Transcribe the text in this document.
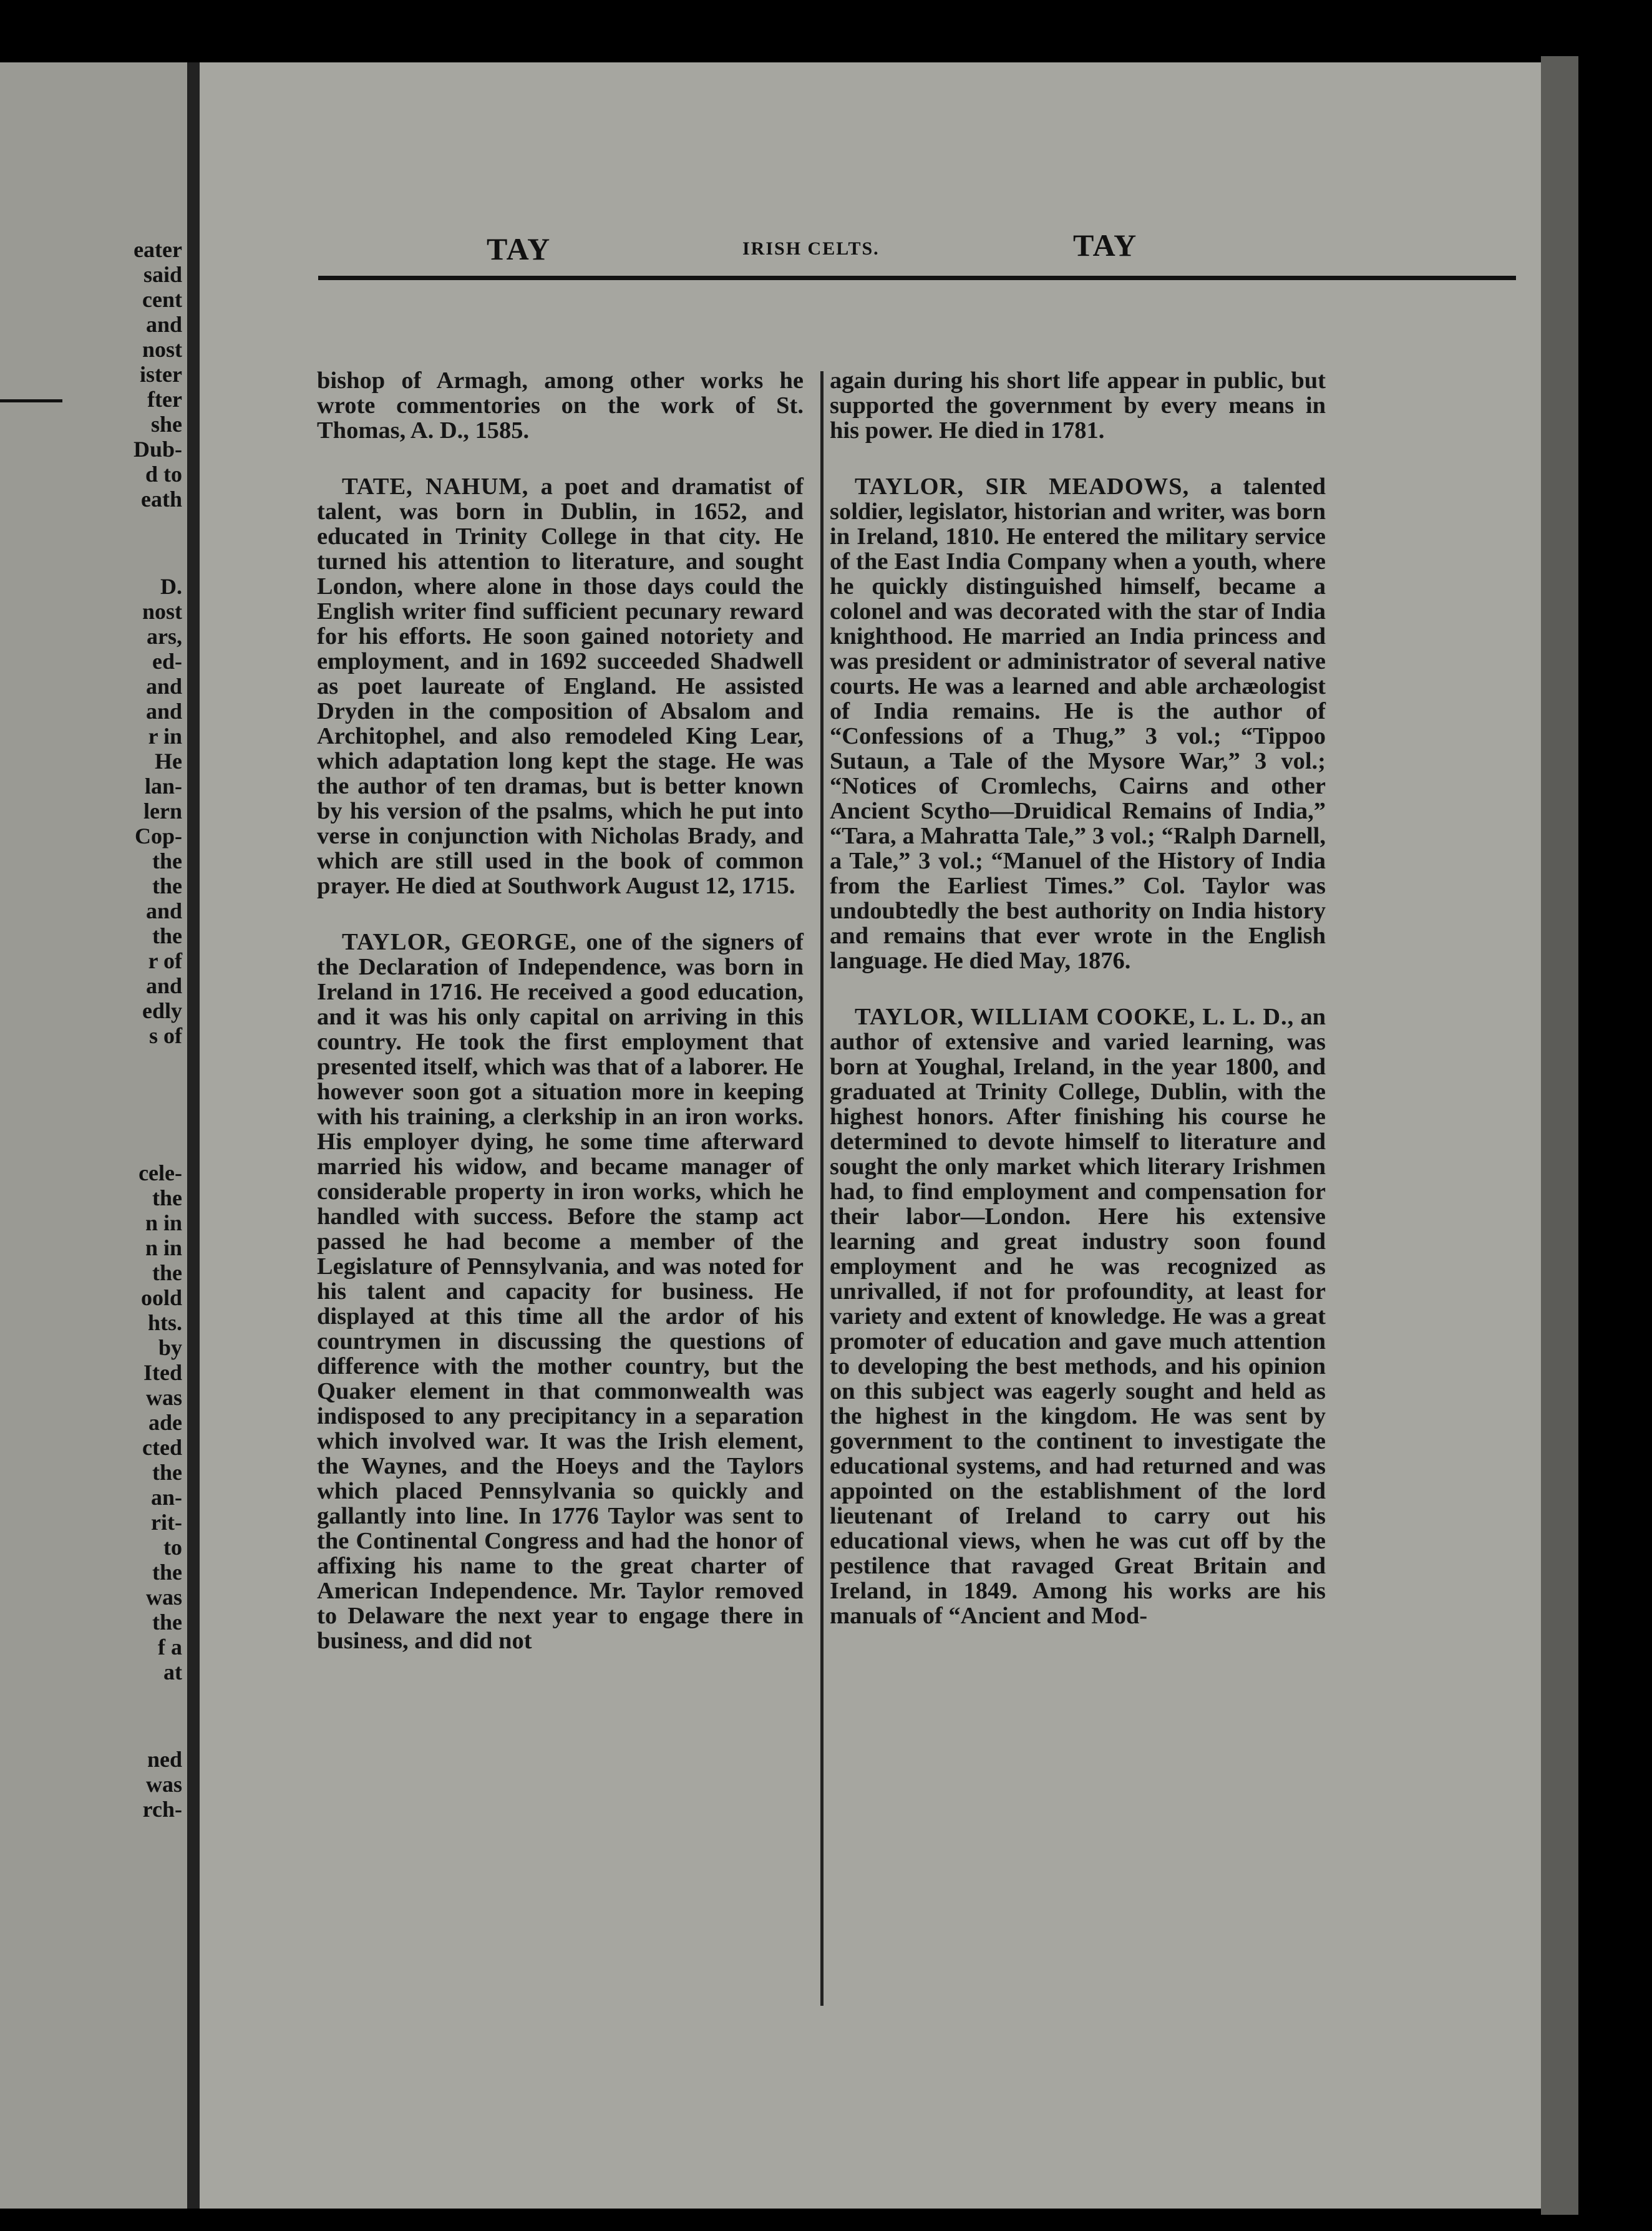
eater
said
cent
and
nost
ister
fter
she
Dub-
d to
eath
D.
nost
ars,
ed-
and
and
r in
He
lan-
lern
Cop-
the
the
and
the
r of
and
edly
s of
cele-
the
n in
n in
the
oold
hts.
by
Ited
was
ade
cted
the
an-
rit-
to
the
was
the
f a
at
ned
was
rch-
TAY	IRISH CELTS.	TAY

bishop of Armagh, among other works he wrote commentories on the work of St. Thomas, A. D., 1585.

TATE, NAHUM, a poet and dramatist of talent, was born in Dublin, in 1652, and educated in Trinity College in that city. He turned his attention to literature, and sought London, where alone in those days could the English writer find sufficient pecunary reward for his efforts. He soon gained notoriety and employment, and in 1692 succeeded Shadwell as poet laureate of England. He assisted Dryden in the composition of Absalom and Architophel, and also remodeled King Lear, which adaptation long kept the stage. He was the author of ten dramas, but is better known by his version of the psalms, which he put into verse in conjunction with Nicholas Brady, and which are still used in the book of common prayer. He died at Southwork August 12, 1715.

TAYLOR, GEORGE, one of the signers of the Declaration of Independence, was born in Ireland in 1716. He received a good education, and it was his only capital on arriving in this country. He took the first employment that presented itself, which was that of a laborer. He however soon got a situation more in keeping with his training, a clerkship in an iron works. His employer dying, he some time afterward married his widow, and became manager of considerable property in iron works, which he handled with success. Before the stamp act passed he had become a member of the Legislature of Pennsylvania, and was noted for his talent and capacity for business. He displayed at this time all the ardor of his countrymen in discussing the questions of difference with the mother country, but the Quaker element in that commonwealth was indisposed to any precipitancy in a separation which involved war. It was the Irish element, the Waynes, and the Hoeys and the Taylors which placed Pennsylvania so quickly and gallantly into line. In 1776 Taylor was sent to the Continental Congress and had the honor of affixing his name to the great charter of American Independence. Mr. Taylor removed to Delaware the next year to engage there in business, and did not

again during his short life appear in public, but supported the government by every means in his power. He died in 1781.

TAYLOR, SIR MEADOWS, a talented soldier, legislator, historian and writer, was born in Ireland, 1810. He entered the military service of the East India Company when a youth, where he quickly distinguished himself, became a colonel and was decorated with the star of India knighthood. He married an India princess and was president or administrator of several native courts. He was a learned and able archæologist of India remains. He is the author of “Confessions of a Thug,” 3 vol.; “Tippoo Sutaun, a Tale of the Mysore War,” 3 vol.; “Notices of Cromlechs, Cairns and other Ancient Scytho—Druidical Remains of India,” “Tara, a Mahratta Tale,” 3 vol.; “Ralph Darnell, a Tale,” 3 vol.; “Manuel of the History of India from the Earliest Times.” Col. Taylor was undoubtedly the best authority on India history and remains that ever wrote in the English language. He died May, 1876.

TAYLOR, WILLIAM COOKE, L. L. D., an author of extensive and varied learning, was born at Youghal, Ireland, in the year 1800, and graduated at Trinity College, Dublin, with the highest honors. After finishing his course he determined to devote himself to literature and sought the only market which literary Irishmen had, to find employment and compensation for their labor—London. Here his extensive learning and great industry soon found employment and he was recognized as unrivalled, if not for profoundity, at least for variety and extent of knowledge. He was a great promoter of education and gave much attention to developing the best methods, and his opinion on this subject was eagerly sought and held as the highest in the kingdom. He was sent by government to the continent to investigate the educational systems, and had returned and was appointed on the establishment of the lord lieutenant of Ireland to carry out his educational views, when he was cut off by the pestilence that ravaged Great Britain and Ireland, in 1849. Among his works are his manuals of “Ancient and Mod-
